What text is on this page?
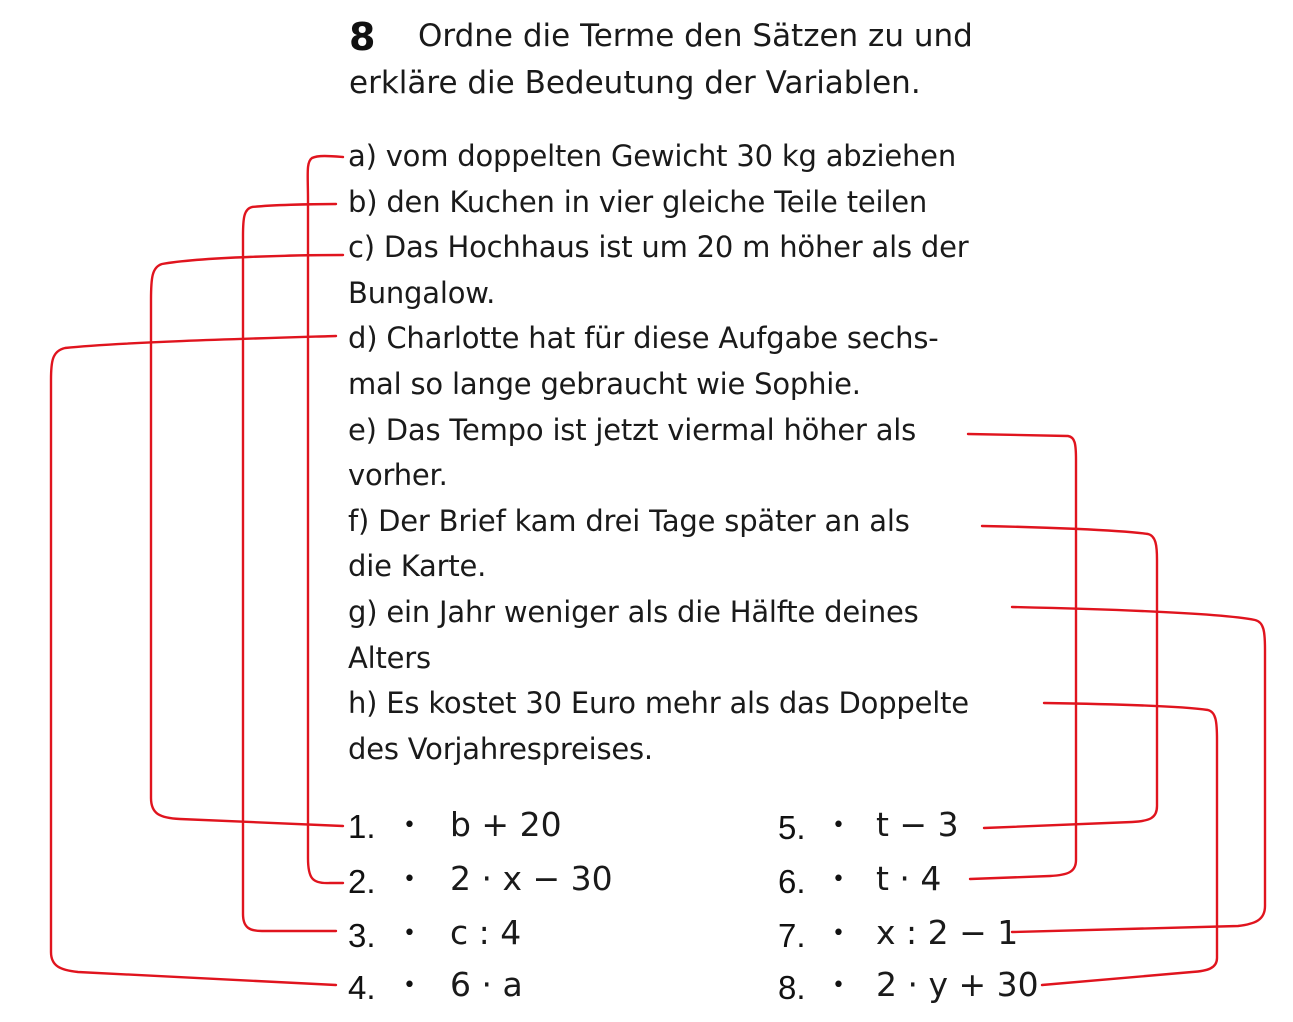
8 Ordne die Terme den Sätzen zu und
erkläre die Bedeutung der Variablen.
a) vom doppelten Gewicht 30 kg abziehen
b) den Kuchen in vier gleiche Teile teilen
c) Das Hochhaus ist um 20 m höher als der
Bungalow.
d) Charlotte hat für diese Aufgabe sechs-
mal so lange gebraucht wie Sophie.
e) Das Tempo ist jetzt viermal höher als
vorher.
f) Der Brief kam drei Tage später an als
die Karte.
g) ein Jahr weniger als die Hälfte deines
Alters
h) Es kostet 30 Euro mehr als das Doppelte
des Vorjahrespreises.
1. • b + 20
2. • 2 · x − 30
3. • c : 4
4. • 6 · a
5. • t − 3
6. • t · 4
7. • x : 2 − 1
8. • 2 · y + 30
